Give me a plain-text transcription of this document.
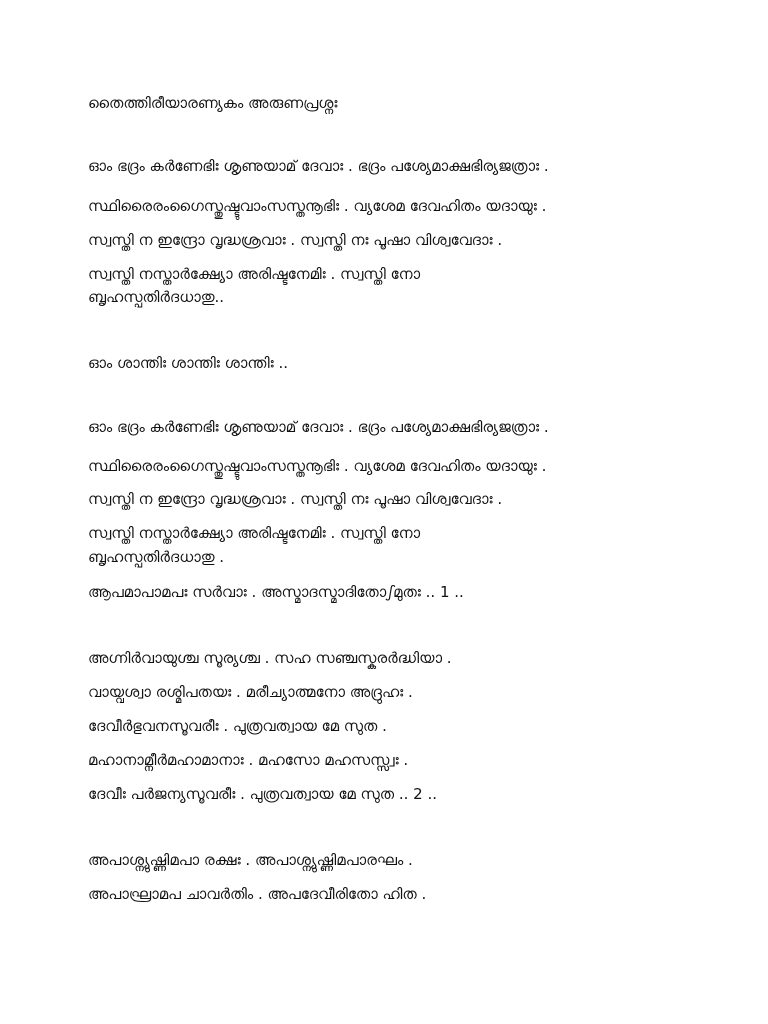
തൈത്തിരീയാരണ്യകം അരുണപ്രശ്നഃ
ഓം ഭദ്രം കർണേഭിഃ ശൃണുയാമ് ദേവാഃ . ഭദ്രം പശ്യേമാക്ഷഭിര്യജത്രാഃ .
സ്ഥിരൈരംഗൈസ്തുഷ്ടുവാംസസ്തനൂഭിഃ . വ്യശേമ ദേവഹിതം യദായുഃ .
സ്വസ്തി ന ഇന്ദ്രോ വൃദ്ധശ്രവാഃ . സ്വസ്തി നഃ പൂഷാ വിശ്വവേദാഃ .
സ്വസ്തി നസ്താർക്ഷ്യോ അരിഷ്ടനേമിഃ . സ്വസ്തി നോ
ബൃഹസ്പതിർദധാതു..
ഓം ശാന്തിഃ ശാന്തിഃ ശാന്തിഃ ..
ഓം ഭദ്രം കർണേഭിഃ ശൃണുയാമ് ദേവാഃ . ഭദ്രം പശ്യേമാക്ഷഭിര്യജത്രാഃ .
സ്ഥിരൈരംഗൈസ്തുഷ്ടുവാംസസ്തനൂഭിഃ . വ്യശേമ ദേവഹിതം യദായുഃ .
സ്വസ്തി ന ഇന്ദ്രോ വൃദ്ധശ്രവാഃ . സ്വസ്തി നഃ പൂഷാ വിശ്വവേദാഃ .
സ്വസ്തി നസ്താർക്ഷ്യോ അരിഷ്ടനേമിഃ . സ്വസ്തി നോ
ബൃഹസ്പതിർദധാതു .
ആപമാപാമപഃ സർവാഃ . അസ്മാദസ്മാദിതോഽമുതഃ .. 1 ..
അഗ്നിർവായുശ്ച സൂര്യശ്ച . സഹ സഞ്ചസ്കരർദ്ധിയാ .
വായ്വശ്വാ രശ്മിപതയഃ . മരീച്യാത്മനോ അദ്രുഹഃ .
ദേവീർഭുവനസൂവരീഃ . പുത്രവത്വായ മേ സുത .
മഹാനാമ്നീർമഹാമാനാഃ . മഹസോ മഹസസ്സ്വഃ .
ദേവീഃ പർജന്യസൂവരീഃ . പുത്രവത്വായ മേ സുത .. 2 ..
അപാശ്ന്യുഷ്ണിമപാ രക്ഷഃ . അപാശ്ന്യുഷ്ണിമപാരഘം .
അപാഘ്രാമപ ചാവർതിം . അപദേവീരിതോ ഹിത .
